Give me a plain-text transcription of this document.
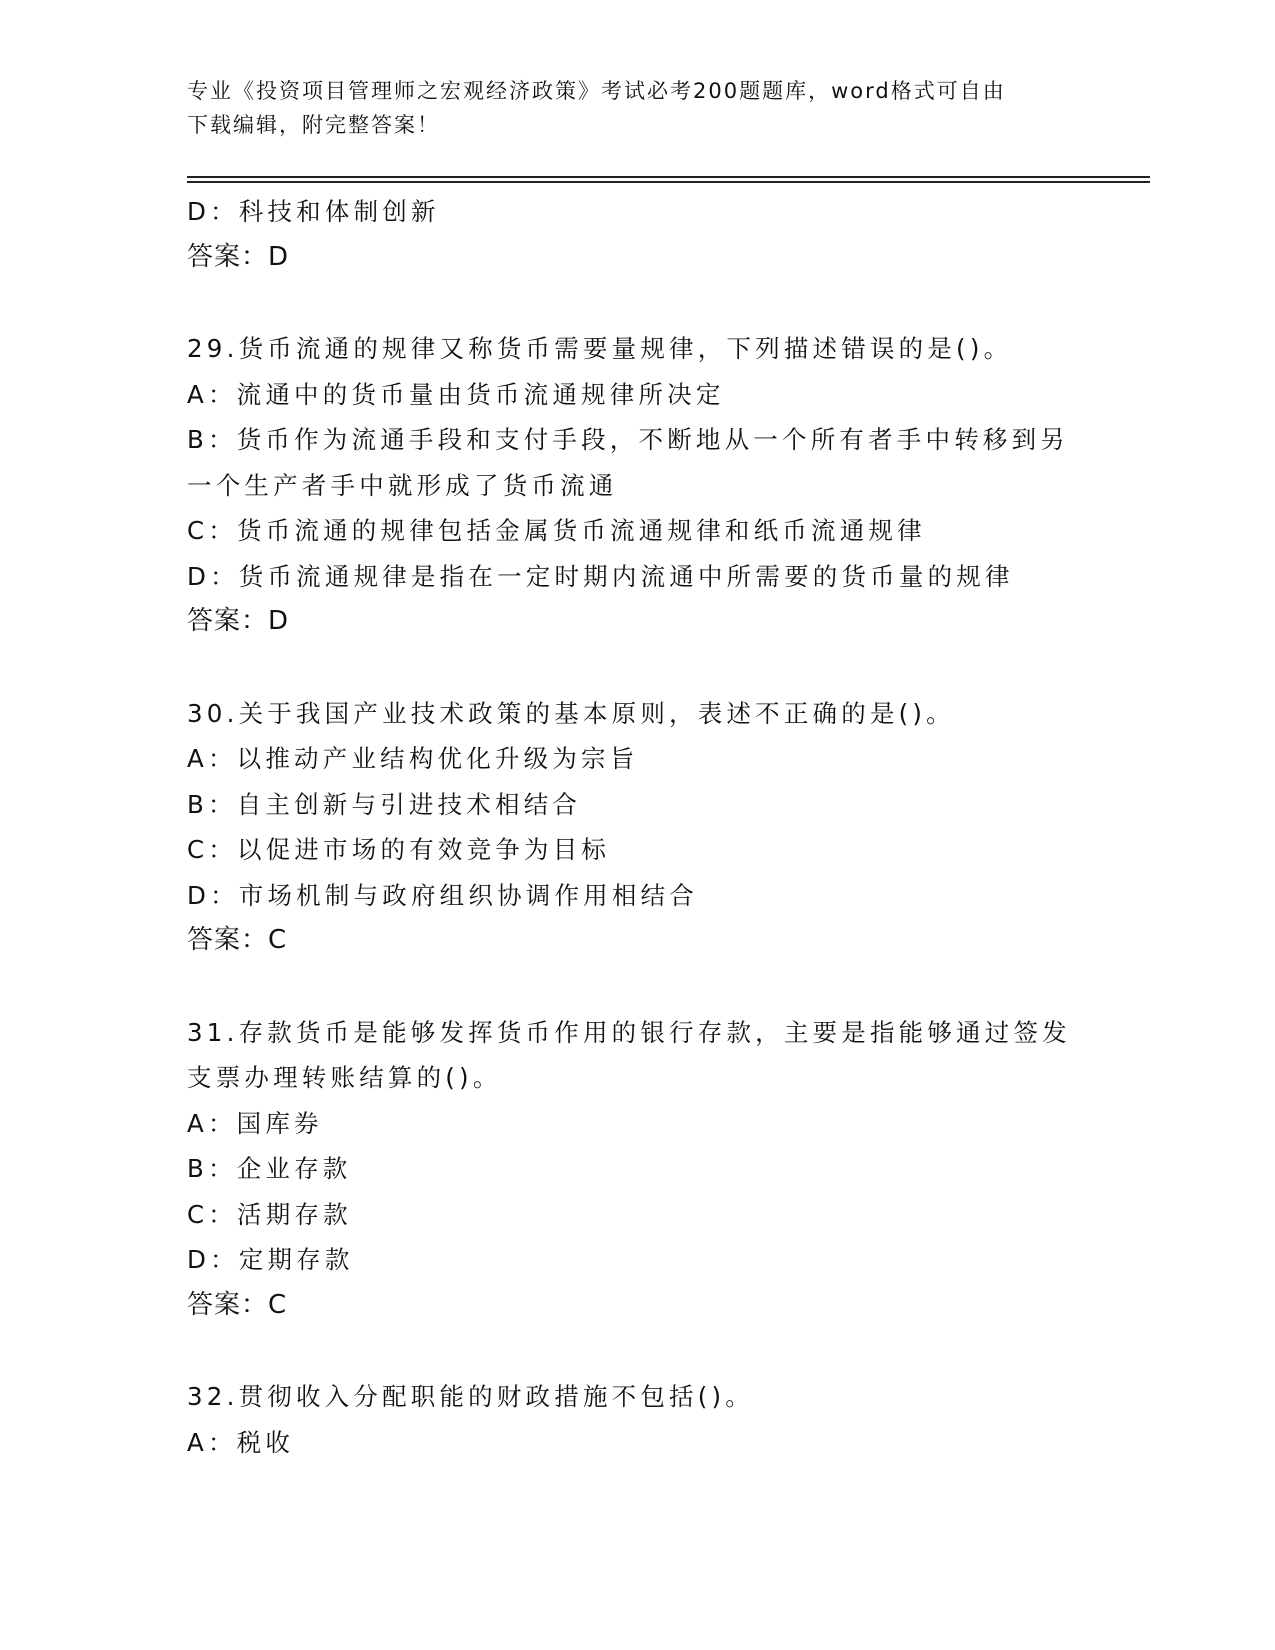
专业《投资项目管理师之宏观经济政策》考试必考200题题库，word格式可自由
下载编辑，附完整答案！
D：科技和体制创新
答案：D
29.货币流通的规律又称货币需要量规律，下列描述错误的是()。
A：流通中的货币量由货币流通规律所决定
B：货币作为流通手段和支付手段，不断地从一个所有者手中转移到另
一个生产者手中就形成了货币流通
C：货币流通的规律包括金属货币流通规律和纸币流通规律
D：货币流通规律是指在一定时期内流通中所需要的货币量的规律
答案：D
30.关于我国产业技术政策的基本原则，表述不正确的是()。
A：以推动产业结构优化升级为宗旨
B：自主创新与引进技术相结合
C：以促进市场的有效竞争为目标
D：市场机制与政府组织协调作用相结合
答案：C
31.存款货币是能够发挥货币作用的银行存款，主要是指能够通过签发
支票办理转账结算的()。
A：国库券
B：企业存款
C：活期存款
D：定期存款
答案：C
32.贯彻收入分配职能的财政措施不包括()。
A：税收
